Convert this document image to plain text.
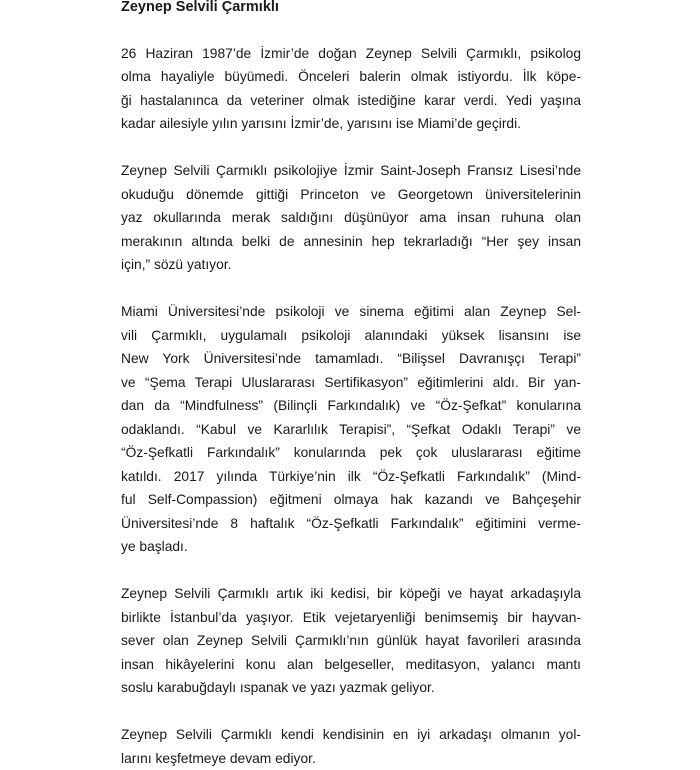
Zeynep Selvili Çarmıklı

26 Haziran 1987’de İzmir’de doğan Zeynep Selvili Çarmıklı, psikolog
olma hayaliyle büyümedi. Önceleri balerin olmak istiyordu. İlk köpe-
ği hastalanınca da veteriner olmak istediğine karar verdi. Yedi yaşına
kadar ailesiyle yılın yarısını İzmir’de, yarısını ise Miami’de geçirdi.

Zeynep Selvili Çarmıklı psikolojiye İzmir Saint-Joseph Fransız Lisesi’nde
okuduğu dönemde gittiği Princeton ve Georgetown üniversitelerinin
yaz okullarında merak saldığını düşünüyor ama insan ruhuna olan
merakının altında belki de annesinin hep tekrarladığı “Her şey insan
için,” sözü yatıyor.

Miami Üniversitesi’nde psikoloji ve sinema eğitimi alan Zeynep Sel-
vili Çarmıklı, uygulamalı psikoloji alanındaki yüksek lisansını ise
New York Üniversitesi’nde tamamladı. “Bilişsel Davranışçı Terapi”
ve “Şema Terapi Uluslararası Sertifikasyon” eğitimlerini aldı. Bir yan-
dan da “Mindfulness” (Bilinçli Farkındalık) ve “Öz-Şefkat” konularına
odaklandı. “Kabul ve Kararlılık Terapisi”, “Şefkat Odaklı Terapi” ve
“Öz-Şefkatli Farkındalık” konularında pek çok uluslararası eğitime
katıldı. 2017 yılında Türkiye’nin ilk “Öz-Şefkatli Farkındalık” (Mind-
ful Self-Compassion) eğitmeni olmaya hak kazandı ve Bahçeşehir
Üniversitesi’nde 8 haftalık “Öz-Şefkatli Farkındalık” eğitimini verme-
ye başladı.

Zeynep Selvili Çarmıklı artık iki kedisi, bir köpeği ve hayat arkadaşıyla
birlikte İstanbul’da yaşıyor. Etik vejetaryenliği benimsemiş bir hayvan-
sever olan Zeynep Selvili Çarmıklı’nın günlük hayat favorileri arasında
insan hikâyelerini konu alan belgeseller, meditasyon, yalancı mantı
soslu karabuğdaylı ıspanak ve yazı yazmak geliyor.

Zeynep Selvili Çarmıklı kendi kendisinin en iyi arkadaşı olmanın yol-
larını keşfetmeye devam ediyor.
